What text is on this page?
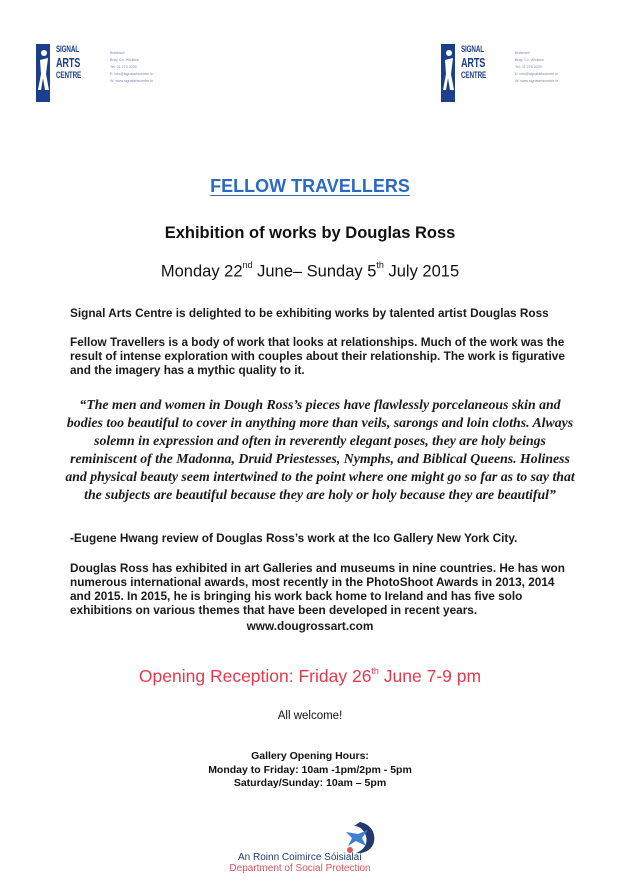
SIGNAL
ARTS
CENTRE
Bridewell
Bray, Co. Wicklow
Tel: 01 276 2039
E: info@signalartscentre.ie
W: www.signalartscentre.ie
SIGNAL
ARTS
CENTRE
Bridewell
Bray, Co. Wicklow
Tel: 01 276 2039
E: info@signalartscentre.ie
W: www.signalartscentre.ie
FELLOW TRAVELLERS
Exhibition of works by Douglas Ross
Monday 22nd June– Sunday 5th July 2015
Signal Arts Centre is delighted to be exhibiting works by talented artist Douglas Ross
Fellow Travellers is a body of work that looks at relationships. Much of the work was the result of intense exploration with couples about their relationship. The work is figurative and the imagery has a mythic quality to it.
“The men and women in Dough Ross’s pieces have flawlessly porcelaneous skin and bodies too beautiful to cover in anything more than veils, sarongs and loin cloths. Always solemn in expression and often in reverently elegant poses, they are holy beings reminiscent of the Madonna, Druid Priestesses, Nymphs, and Biblical Queens. Holiness and physical beauty seem intertwined to the point where one might go so far as to say that the subjects are beautiful because they are holy or holy because they are beautiful”
-Eugene Hwang review of Douglas Ross’s work at the Ico Gallery New York City.
Douglas Ross has exhibited in art Galleries and museums in nine countries. He has won numerous international awards, most recently in the PhotoShoot Awards in 2013, 2014 and 2015. In 2015, he is bringing his work back home to Ireland and has five solo exhibitions on various themes that have been developed in recent years.
www.dougrossart.com
Opening Reception: Friday 26th June 7-9 pm
All welcome!
Gallery Opening Hours:
Monday to Friday: 10am -1pm/2pm - 5pm
Saturday/Sunday: 10am – 5pm
An Roinn Coimirce Sóisialaí
Department of Social Protection
